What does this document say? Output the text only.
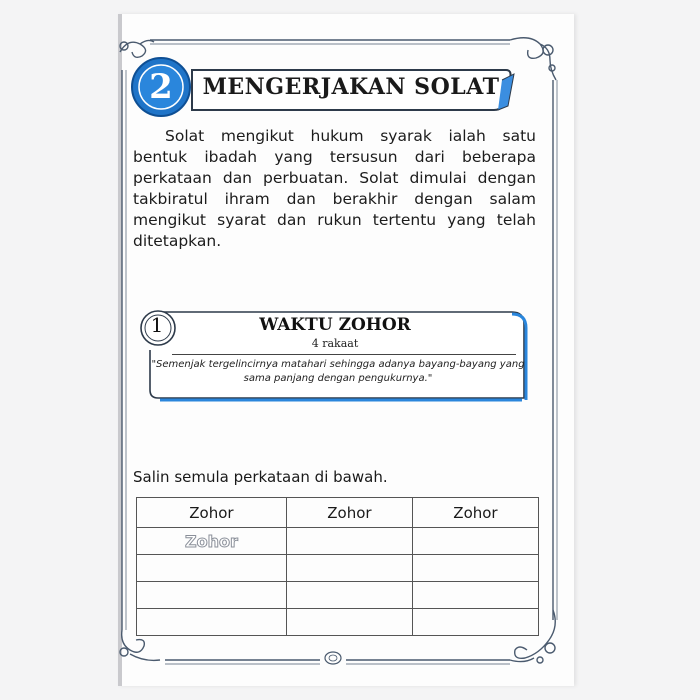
2	MENGERJAKAN SOLAT
Solat mengikut hukum syarak ialah satu bentuk ibadah yang tersusun dari beberapa perkataan dan perbuatan. Solat dimulai dengan takbiratul ihram dan berakhir dengan salam mengikut syarat dan rukun tertentu yang telah ditetapkan.
1	WAKTU ZOHOR
4 rakaat
"Semenjak tergelincirnya matahari sehingga adanya bayang-bayang yang sama panjang dengan pengukurnya."
Salin semula perkataan di bawah.
Zohor	Zohor	Zohor
Zohor		
